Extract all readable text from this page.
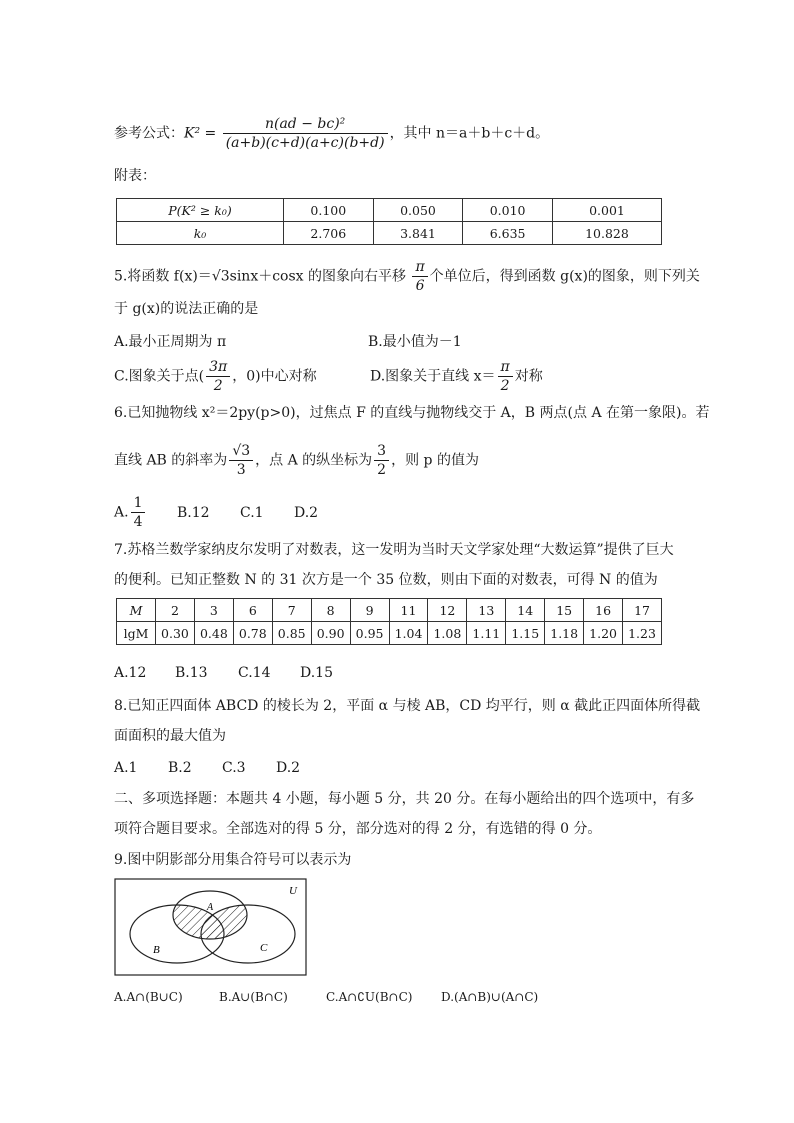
参考公式：$K^2 = \frac{\text{n(ad − bc)²}}{(a+b)(c+d)(a+c)(b+d)}$ ，其中 n＝a＋b＋c＋d。
附表：
P(K² ≥ k₀)	0.100	0.050	0.010	0.001
k₀	2.706	3.841	6.635	10.828
5.将函数 f(x)＝√3sinx＋cosx 的图象向右平移 $\frac{\pi}{6}$ 个单位后，得到函数 g(x)的图象，则下列关
于 g(x)的说法正确的是
A.最小正周期为 π	B.最小值为－1
C.图象关于点( $\frac{3\pi}{2}$ ，0)中心对称	D.图象关于直线 $x= \frac{\pi}{2}$ 对称
6.已知抛物线 x²＝2py(p>0)，过焦点 F 的直线与抛物线交于 A，B 两点(点 A 在第一象限)。若
直线 AB 的斜率为 $\frac{√3}{3}$ ，点 A 的纵坐标为 $\frac{3}{2}$ ，则 p 的值为
A. $\frac{1}{4} B.12$ C.1 D.2
7.苏格兰数学家纳皮尔发明了对数表，这一发明为当时天文学家处理“大数运算”提供了巨大
的便利。已知正整数 N 的 31 次方是一个 35 位数，则由下面的对数表，可得 N 的值为
M	2	3	6	7	8	9	11	12	13	14	15	16	17
lgM	0.30	0.48	0.78	0.85	0.90	0.95	1.04	1.08	1.11	1.15	1.18	1.20	1.23
A.12 B.13 C.14 D.15
8.已知正四面体 ABCD 的棱长为 2，平面 α 与棱 AB，CD 均平行，则 α 截此正四面体所得截
面面积的最大值为
A.1 B.2 C.3 D.2
二、多项选择题：本题共 4 小题，每小题 5 分，共 20 分。在每小题给出的四个选项中，有多
项符合题目要求。全部选对的得 5 分，部分选对的得 2 分，有选错的得 0 分。
9.图中阴影部分用集合符号可以表示为
U
A
B	C
A.A∩(B∪C)	B.A∪(B∩C)	C.A∩∁U(B∩C) D.(A∩B)∪(A∩C)
